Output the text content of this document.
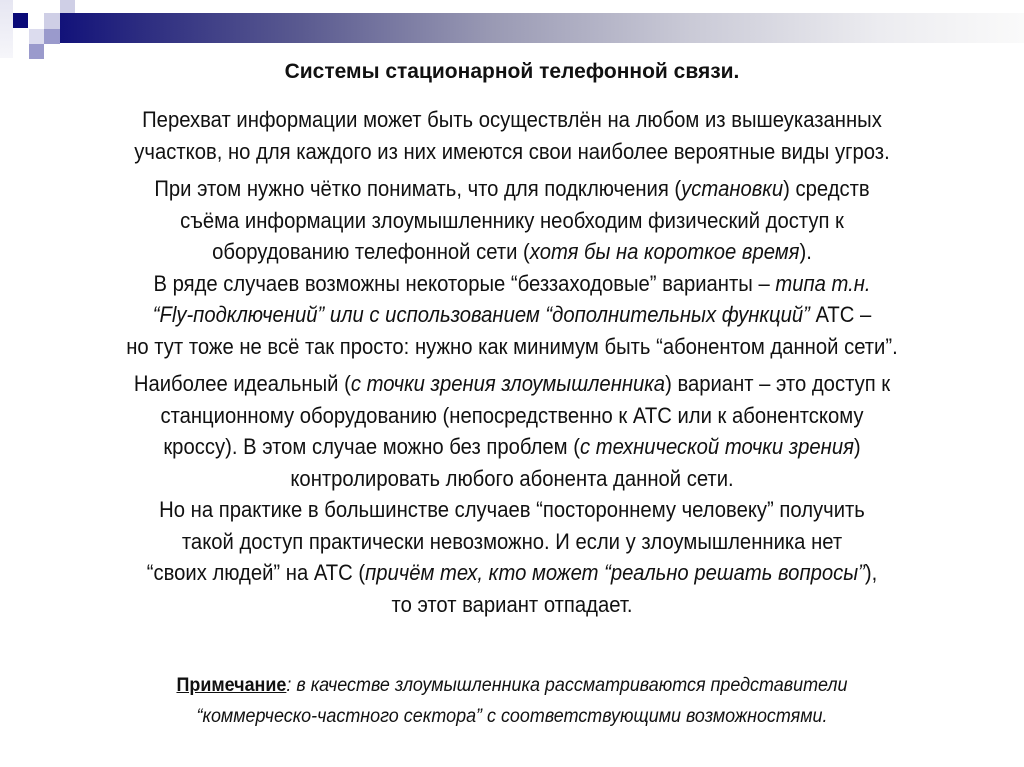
Системы стационарной телефонной связи.
Перехват информации может быть осуществлён на любом из вышеуказанных
участков, но для каждого из них имеются свои наиболее вероятные виды угроз.
При этом нужно чётко понимать, что для подключения (установки) средств
съёма информации злоумышленнику необходим физический доступ к
оборудованию телефонной сети (хотя бы на короткое время).
В ряде случаев возможны некоторые “беззаходовые” варианты – типа т.н.
“Fly-подключений” или с использованием “дополнительных функций” АТС –
но тут тоже не всё так просто: нужно как минимум быть “абонентом данной сети”.
Наиболее идеальный (с точки зрения злоумышленника) вариант – это доступ к
станционному оборудованию (непосредственно к АТС или к абонентскому
кроссу). В этом случае можно без проблем (с технической точки зрения)
контролировать любого абонента данной сети.
Но на практике в большинстве случаев “постороннему человеку” получить
такой доступ практически невозможно. И если у злоумышленника нет
“своих людей” на АТС (причём тех, кто может “реально решать вопросы”),
то этот вариант отпадает.
Примечание: в качестве злоумышленника рассматриваются представители
“коммерческо-частного сектора” с соответствующими возможностями.
